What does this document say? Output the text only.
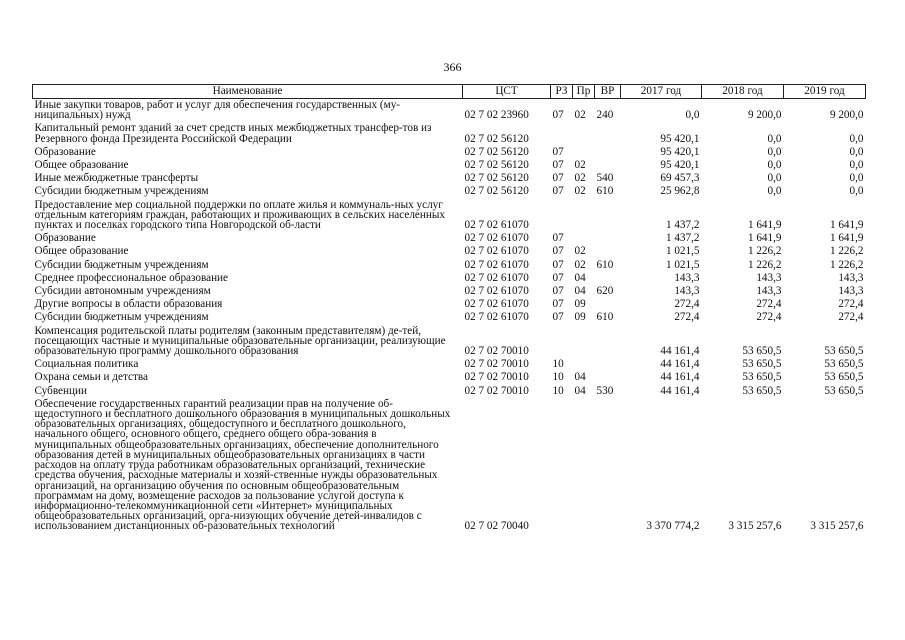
366
Наименование	ЦСТ	РЗ	Пр	ВР	2017 год	2018 год	2019 год
Иные закупки товаров, работ и услуг для обеспечения государственных (му-ниципальных) нужд	02 7 02 23960	07	02	240	0,0	9 200,0	9 200,0
Капитальный ремонт зданий за счет средств иных межбюджетных трансфер-тов из Резервного фонда Президента Российской Федерации	02 7 02 56120				95 420,1	0,0	0,0
Образование	02 7 02 56120	07			95 420,1	0,0	0,0
Общее образование	02 7 02 56120	07	02		95 420,1	0,0	0,0
Иные межбюджетные трансферты	02 7 02 56120	07	02	540	69 457,3	0,0	0,0
Субсидии бюджетным учреждениям	02 7 02 56120	07	02	610	25 962,8	0,0	0,0
Предоставление мер социальной поддержки по оплате жилья и коммуналь-ных услуг отдельным категориям граждан, работающих и проживающих в сельских населенных пунктах и поселках городского типа Новгородской об-ласти	02 7 02 61070				1 437,2	1 641,9	1 641,9
Образование	02 7 02 61070	07			1 437,2	1 641,9	1 641,9
Общее образование	02 7 02 61070	07	02		1 021,5	1 226,2	1 226,2
Субсидии бюджетным учреждениям	02 7 02 61070	07	02	610	1 021,5	1 226,2	1 226,2
Среднее профессиональное образование	02 7 02 61070	07	04		143,3	143,3	143,3
Субсидии автономным учреждениям	02 7 02 61070	07	04	620	143,3	143,3	143,3
Другие вопросы в области образования	02 7 02 61070	07	09		272,4	272,4	272,4
Субсидии бюджетным учреждениям	02 7 02 61070	07	09	610	272,4	272,4	272,4
Компенсация родительской платы родителям (законным представителям) де-тей, посещающих частные и муниципальные образовательные организации, реализующие образовательную программу дошкольного образования	02 7 02 70010				44 161,4	53 650,5	53 650,5
Социальная политика	02 7 02 70010	10			44 161,4	53 650,5	53 650,5
Охрана семьи и детства	02 7 02 70010	10	04		44 161,4	53 650,5	53 650,5
Субвенции	02 7 02 70010	10	04	530	44 161,4	53 650,5	53 650,5
Обеспечение государственных гарантий реализации прав на получение об-щедоступного и бесплатного дошкольного образования в муниципальных дошкольных образовательных организациях, общедоступного и бесплатного дошкольного, начального общего, основного общего, среднего общего обра-зования в муниципальных общеобразовательных организациях, обеспечение дополнительного образования детей в муниципальных общеобразовательных организациях в части расходов на оплату труда работникам образовательных организаций, технические средства обучения, расходные материалы и хозяй-ственные нужды образовательных организаций, на организацию обучения по основным общеобразовательным программам на дому, возмещение расходов за пользование услугой доступа к информационно-телекоммуникационной сети «Интернет» муниципальных общеобразовательных организаций, орга-низующих обучение детей-инвалидов с использованием дистанционных об-разовательных технологий	02 7 02 70040				3 370 774,2	3 315 257,6	3 315 257,6
